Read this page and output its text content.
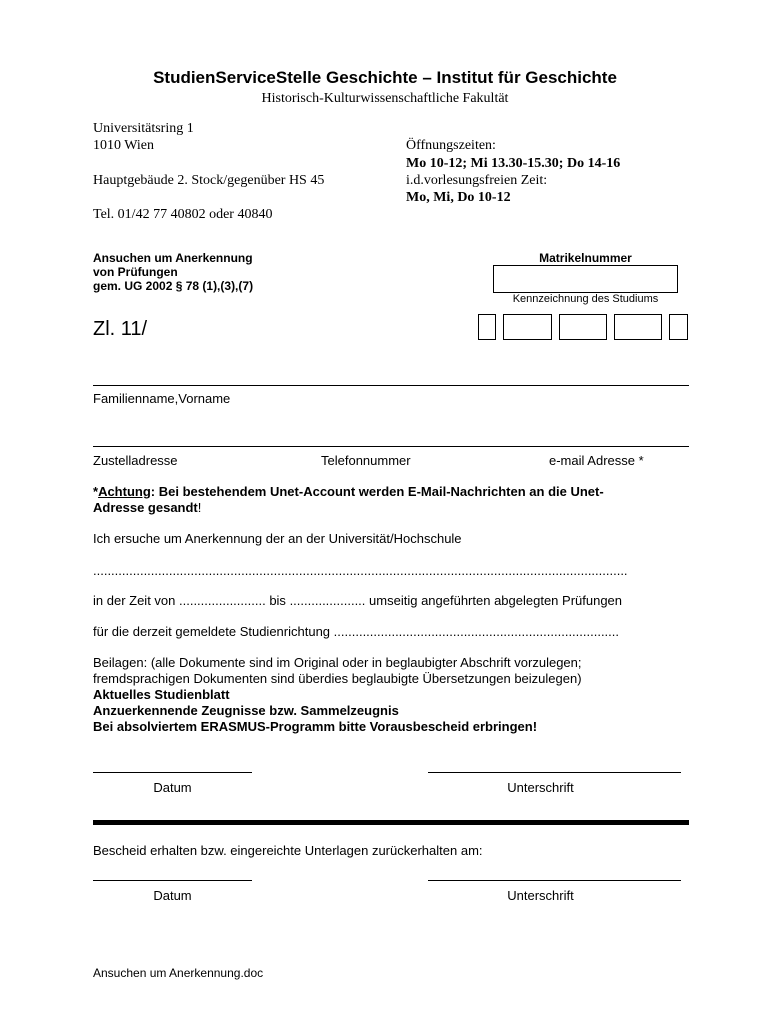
StudienServiceStelle Geschichte – Institut für Geschichte
Historisch-Kulturwissenschaftliche Fakultät
Universitätsring 1
1010 Wien
Hauptgebäude 2. Stock/gegenüber HS 45
Tel. 01/42 77 40802 oder 40840
Öffnungszeiten:
Mo 10-12; Mi 13.30-15.30; Do 14-16
i.d.vorlesungsfreien Zeit:
Mo, Mi, Do 10-12
Ansuchen um Anerkennung
von Prüfungen
gem. UG 2002 § 78 (1),(3),(7)
Matrikelnummer
Kennzeichnung des Studiums
Zl. 11/
Familienname,Vorname
Zustelladresse	Telefonnummer	e-mail Adresse *
*Achtung: Bei bestehendem Unet-Account werden E-Mail-Nachrichten an die Unet-
Adresse gesandt!
Ich ersuche um Anerkennung der an der Universität/Hochschule
....................................................................................................................................................
in der Zeit von ........................ bis ..................... umseitig angeführten abgelegten Prüfungen
für die derzeit gemeldete Studienrichtung ...............................................................................
Beilagen: (alle Dokumente sind im Original oder in beglaubigter Abschrift vorzulegen;
fremdsprachigen Dokumenten sind überdies beglaubigte Übersetzungen beizulegen)
Aktuelles Studienblatt
Anzuerkennende Zeugnisse bzw. Sammelzeugnis
Bei absolviertem ERASMUS-Programm bitte Vorausbescheid erbringen!
Datum	Unterschrift
Bescheid erhalten bzw. eingereichte Unterlagen zurückerhalten am:
Datum	Unterschrift
Ansuchen um Anerkennung.doc
